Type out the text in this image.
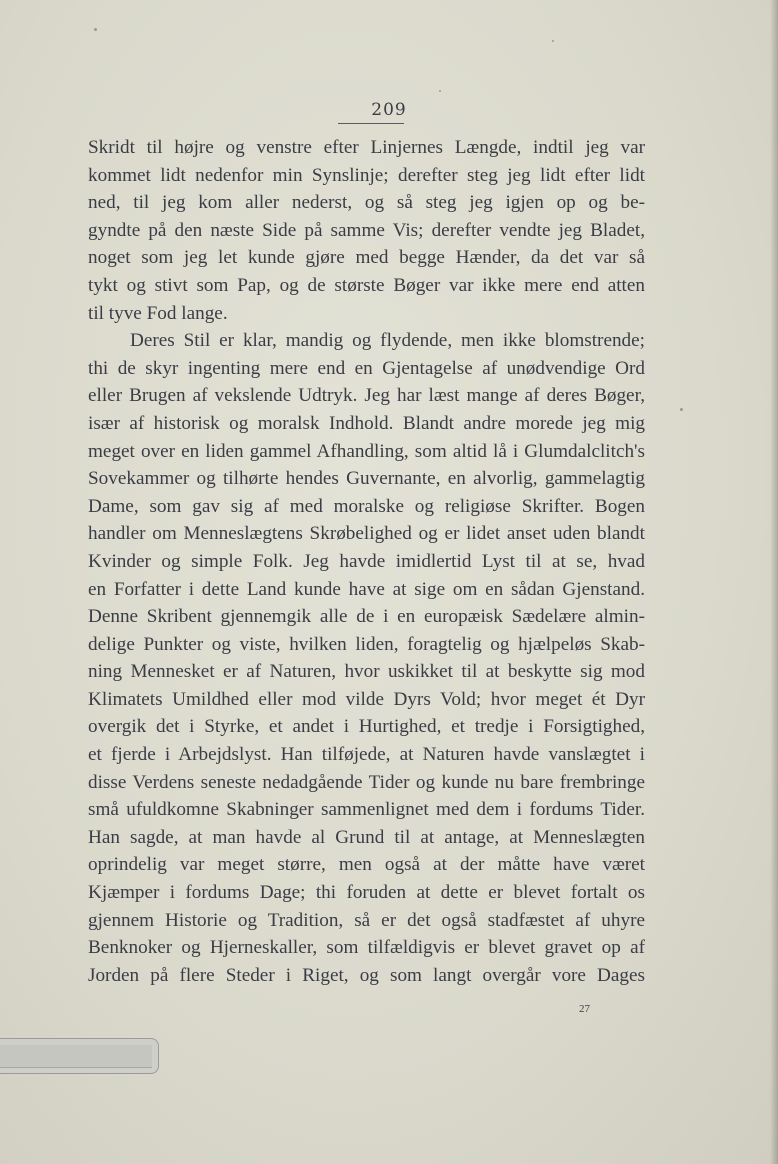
209
Skridt til højre og venstre efter Linjernes Længde, indtil jeg var
kommet lidt nedenfor min Synslinje; derefter steg jeg lidt efter lidt
ned, til jeg kom aller nederst, og så steg jeg igjen op og be-
gyndte på den næste Side på samme Vis; derefter vendte jeg Bladet,
noget som jeg let kunde gjøre med begge Hænder, da det var så
tykt og stivt som Pap, og de største Bøger var ikke mere end atten
til tyve Fod lange.
Deres Stil er klar, mandig og flydende, men ikke blomstrende;
thi de skyr ingenting mere end en Gjentagelse af unødvendige Ord
eller Brugen af vekslende Udtryk. Jeg har læst mange af deres Bøger,
især af historisk og moralsk Indhold. Blandt andre morede jeg mig
meget over en liden gammel Afhandling, som altid lå i Glumdalclitch's
Sovekammer og tilhørte hendes Guvernante, en alvorlig, gammelagtig
Dame, som gav sig af med moralske og religiøse Skrifter. Bogen
handler om Menneslægtens Skrøbelighed og er lidet anset uden blandt
Kvinder og simple Folk. Jeg havde imidlertid Lyst til at se, hvad
en Forfatter i dette Land kunde have at sige om en sådan Gjenstand.
Denne Skribent gjennemgik alle de i en europæisk Sædelære almin-
delige Punkter og viste, hvilken liden, foragtelig og hjælpeløs Skab-
ning Mennesket er af Naturen, hvor uskikket til at beskytte sig mod
Klimatets Umildhed eller mod vilde Dyrs Vold; hvor meget ét Dyr
overgik det i Styrke, et andet i Hurtighed, et tredje i Forsigtighed,
et fjerde i Arbejdslyst. Han tilføjede, at Naturen havde vanslægtet i
disse Verdens seneste nedadgående Tider og kunde nu bare frembringe
små ufuldkomne Skabninger sammenlignet med dem i fordums Tider.
Han sagde, at man havde al Grund til at antage, at Menneslægten
oprindelig var meget større, men også at der måtte have været
Kjæmper i fordums Dage; thi foruden at dette er blevet fortalt os
gjennem Historie og Tradition, så er det også stadfæstet af uhyre
Benknoker og Hjerneskaller, som tilfældigvis er blevet gravet op af
Jorden på flere Steder i Riget, og som langt overgår vore Dages
27
